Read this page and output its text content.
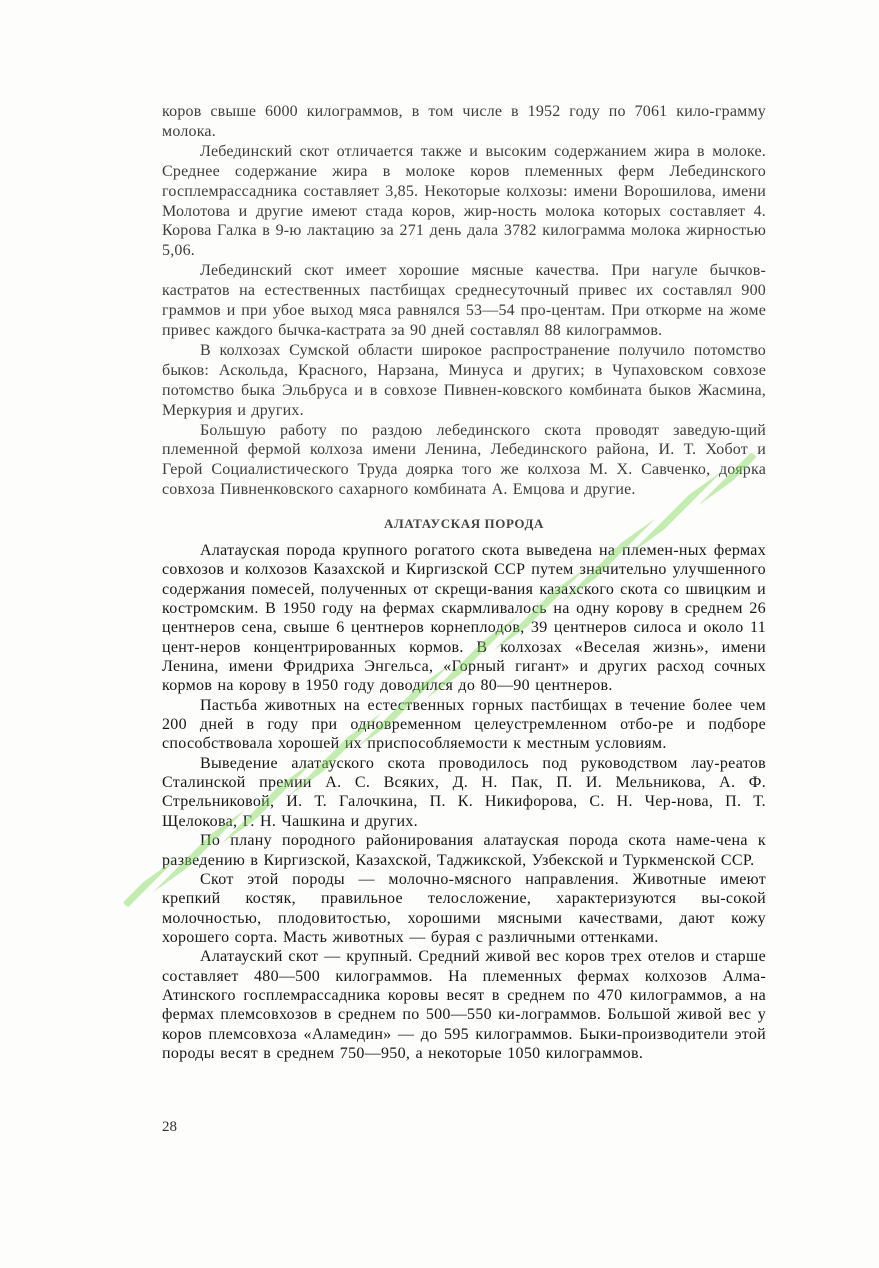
коров свыше 6000 килограммов, в том числе в 1952 году по 7061 кило-грамму молока.

Лебединский скот отличается также и высоким содержанием жира в молоке. Среднее содержание жира в молоке коров племенных ферм Лебединского госплемрассадника составляет 3,85. Некоторые колхозы: имени Ворошилова, имени Молотова и другие имеют стада коров, жир-ность молока которых составляет 4. Корова Галка в 9-ю лактацию за 271 день дала 3782 килограмма молока жирностью 5,06.

Лебединский скот имеет хорошие мясные качества. При нагуле бычков-кастратов на естественных пастбищах среднесуточный привес их составлял 900 граммов и при убое выход мяса равнялся 53—54 про-центам. При откорме на жоме привес каждого бычка-кастрата за 90 дней составлял 88 килограммов.

В колхозах Сумской области широкое распространение получило потомство быков: Аскольда, Красного, Нарзана, Минуса и других; в Чупаховском совхозе потомство быка Эльбруса и в совхозе Пивнен-ковского комбината быков Жасмина, Меркурия и других.

Большую работу по раздою лебединского скота проводят заведую-щий племенной фермой колхоза имени Ленина, Лебединского района, И. Т. Хобот и Герой Социалистического Труда доярка того же колхоза М. Х. Савченко, доярка совхоза Пивненковского сахарного комбината А. Емцова и другие.

АЛАТАУСКАЯ ПОРОДА

Алатауская порода крупного рогатого скота выведена на племен-ных фермах совхозов и колхозов Казахской и Киргизской ССР путем значительно улучшенного содержания помесей, полученных от скрещи-вания казахского скота со швицким и костромским. В 1950 году на фермах скармливалось на одну корову в среднем 26 центнеров сена, свыше 6 центнеров корнеплодов, 39 центнеров силоса и около 11 цент-неров концентрированных кормов. В колхозах «Веселая жизнь», имени Ленина, имени Фридриха Энгельса, «Горный гигант» и других расход сочных кормов на корову в 1950 году доводился до 80—90 центнеров.

Пастьба животных на естественных горных пастбищах в течение более чем 200 дней в году при одновременном целеустремленном отбо-ре и подборе способствовала хорошей их приспособляемости к местным условиям.

Выведение алатауского скота проводилось под руководством лау-реатов Сталинской премии А. С. Всяких, Д. Н. Пак, П. И. Мельникова, А. Ф. Стрельниковой, И. Т. Галочкина, П. К. Никифорова, С. Н. Чер-нова, П. Т. Щелокова, Г. Н. Чашкина и других.

По плану породного районирования алатауская порода скота наме-чена к разведению в Киргизской, Казахской, Таджикской, Узбекской и Туркменской ССР.

Скот этой породы — молочно-мясного направления. Животные имеют крепкий костяк, правильное телосложение, характеризуются вы-сокой молочностью, плодовитостью, хорошими мясными качествами, дают кожу хорошего сорта. Масть животных — бурая с различными оттенками.

Алатауский скот — крупный. Средний живой вес коров трех отелов и старше составляет 480—500 килограммов. На племенных фермах колхозов Алма-Атинского госплемрассадника коровы весят в среднем по 470 килограммов, а на фермах племсовхозов в среднем по 500—550 ки-лограммов. Большой живой вес у коров племсовхоза «Аламедин» — до 595 килограммов. Быки-производители этой породы весят в среднем 750—950, а некоторые 1050 килограммов.

28
